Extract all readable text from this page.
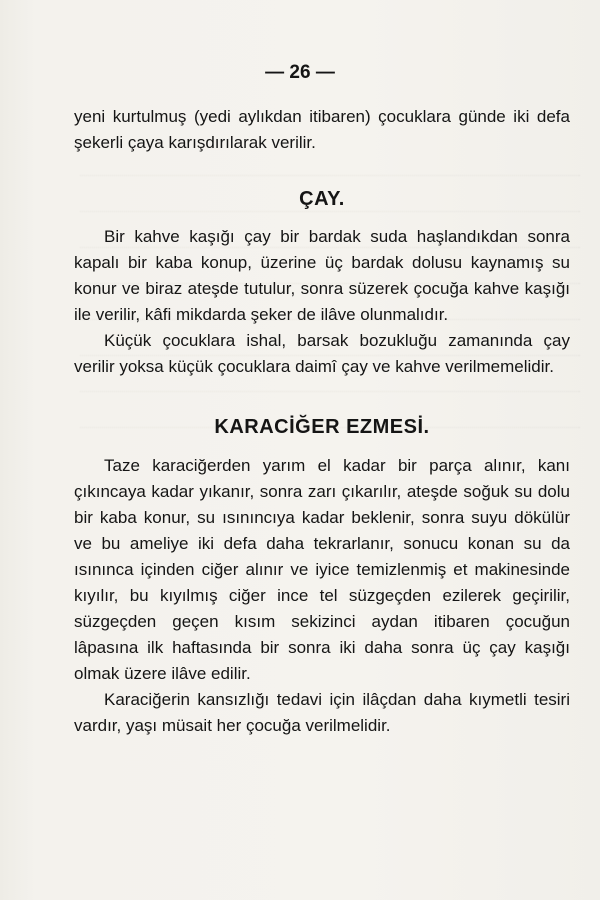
— 26 —

yeni kurtulmuş (yedi aylıkdan itibaren) çocuklara günde iki defa şekerli çaya karışdırılarak verilir.

ÇAY.

Bir kahve kaşığı çay bir bardak suda haşlandıkdan sonra kapalı bir kaba konup, üzerine üç bardak dolusu kaynamış su konur ve biraz ateşde tutulur, sonra süzerek çocuğa kahve kaşığı ile verilir, kâfi mikdarda şeker de ilâve olunmalıdır.

Küçük çocuklara ishal, barsak bozukluğu zamanında çay verilir yoksa küçük çocuklara daimî çay ve kahve verilmemelidir.

KARACİĞER EZMESİ.

Taze karaciğerden yarım el kadar bir parça alınır, kanı çıkıncaya kadar yıkanır, sonra zarı çıkarılır, ateşde soğuk su dolu bir kaba konur, su ısınıncıya kadar beklenir, sonra suyu dökülür ve bu ameliye iki defa daha tekrarlanır, sonucu konan su da ısınınca içinden ciğer alınır ve iyice temizlenmiş et makinesinde kıyılır, bu kıyılmış ciğer ince tel süzgeçden ezilerek geçirilir, süzgeçden geçen kısım sekizinci aydan itibaren çocuğun lâpasına ilk haftasında bir sonra iki daha sonra üç çay kaşığı olmak üzere ilâve edilir.

Karaciğerin kansızlığı tedavi için ilâçdan daha kıymetli tesiri vardır, yaşı müsait her çocuğa verilmelidir.
